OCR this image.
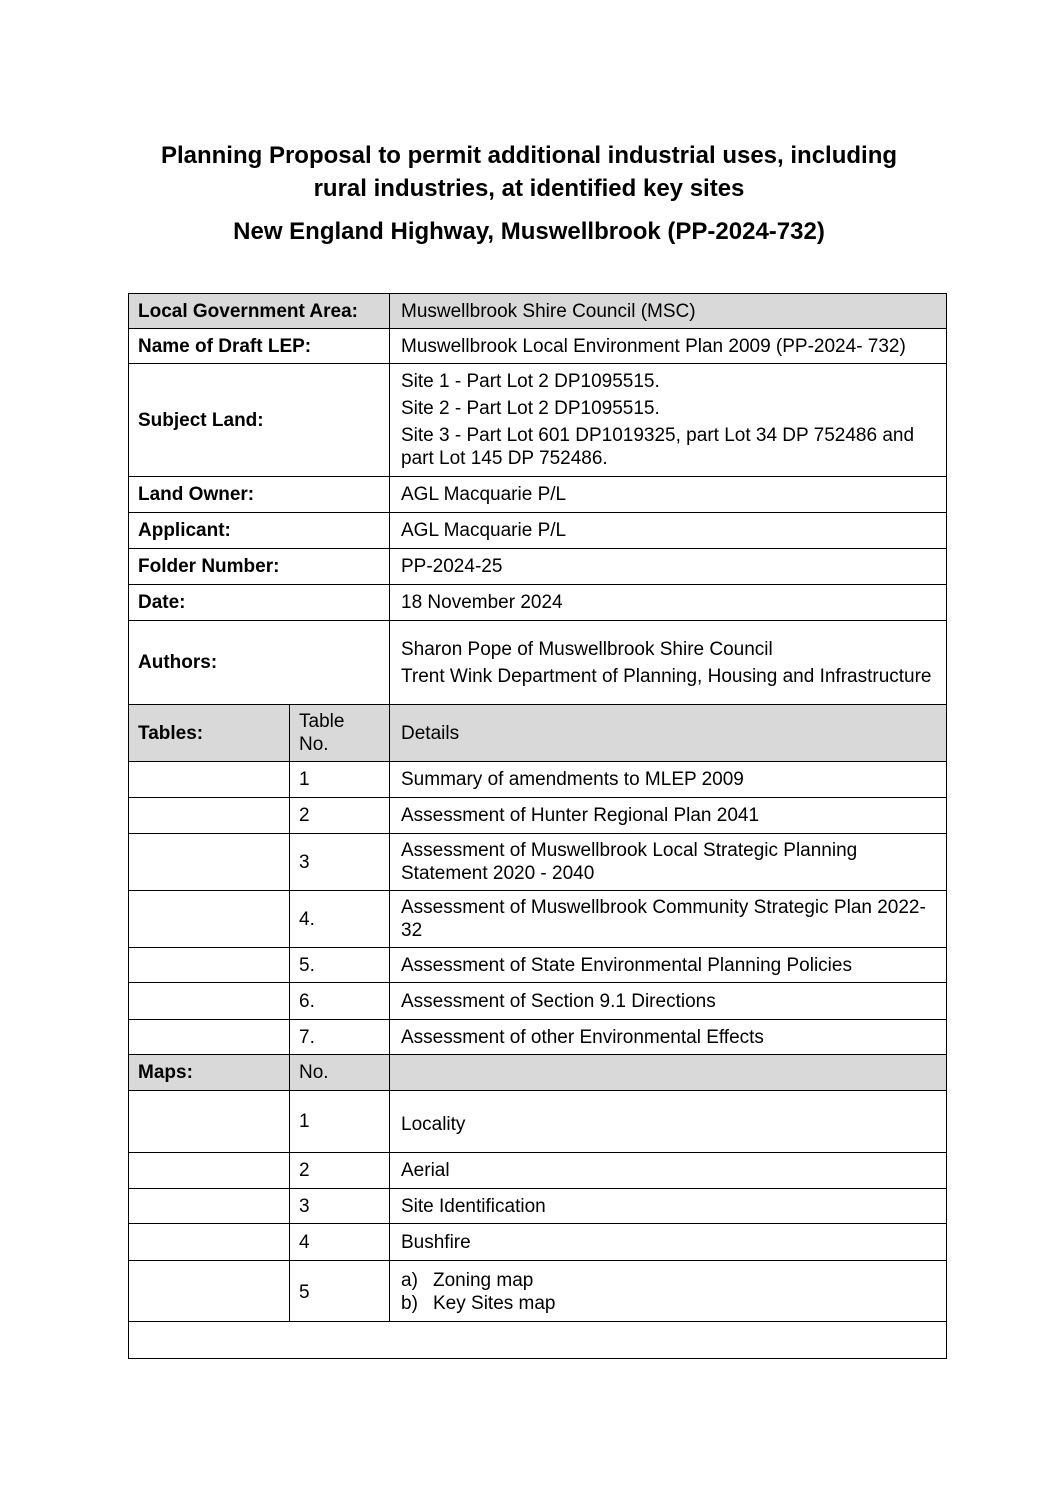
Planning Proposal to permit additional industrial uses, including
rural industries, at identified key sites
New England Highway, Muswellbrook (PP-2024-732)
Local Government Area:		Muswellbrook Shire Council (MSC)
Name of Draft LEP:		Muswellbrook Local Environment Plan 2009 (PP-2024- 732)
Subject Land:		Site 1 - Part Lot 2 DP1095515.
Site 2 - Part Lot 2 DP1095515.
Site 3 - Part Lot 601 DP1019325, part Lot 34 DP 752486 and part Lot 145 DP 752486.

Land Owner:		AGL Macquarie P/L
Applicant:		AGL Macquarie P/L
Folder Number:		PP-2024-25
Date:		18 November 2024
Authors:		Sharon Pope of Muswellbrook Shire Council
Trent Wink Department of Planning, Housing and Infrastructure

Tables:	Table No.	Details
	1	Summary of amendments to MLEP 2009
	2	Assessment of Hunter Regional Plan 2041
	3	Assessment of Muswellbrook Local Strategic Planning Statement 2020 - 2040
	4.	Assessment of Muswellbrook Community Strategic Plan 2022-32
	5.	Assessment of State Environmental Planning Policies
	6.	Assessment of Section 9.1 Directions
	7.	Assessment of other Environmental Effects
Maps:	No.	
	1	Locality
	2	Aerial
	3	Site Identification
	4	Bushfire
	5	a) Zoning map
b) Key Sites map
